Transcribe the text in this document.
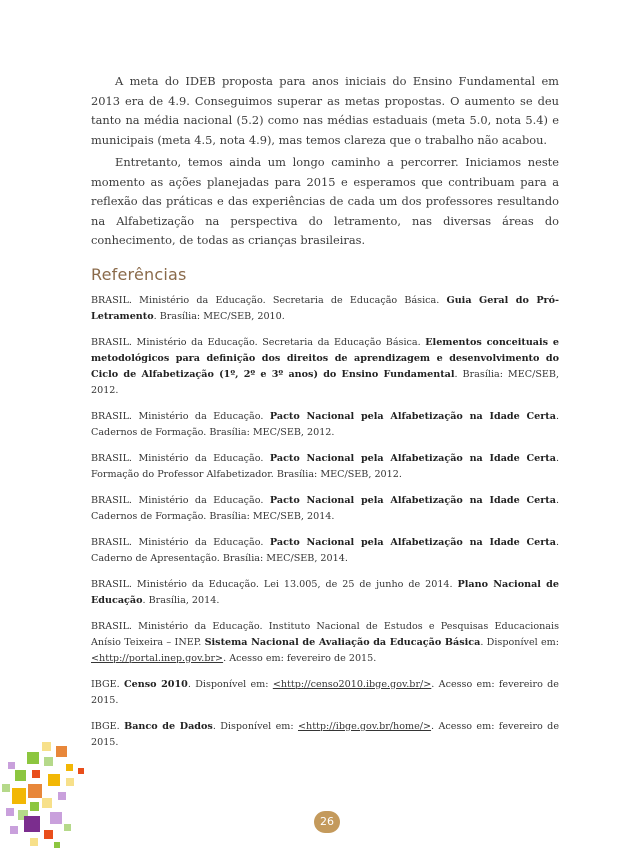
A meta do IDEB proposta para anos iniciais do Ensino Fundamental em 2013 era de 4.9. Conseguimos superar as metas propostas. O aumento se deu tanto na média nacional (5.2) como nas médias estaduais (meta 5.0, nota 5.4) e municipais (meta 4.5, nota 4.9), mas temos clareza que o trabalho não acabou.

Entretanto, temos ainda um longo caminho a percorrer. Iniciamos neste momento as ações planejadas para 2015 e esperamos que contribuam para a reflexão das práticas e das experiências de cada um dos professores resultando na Alfabetização na perspectiva do letramento, nas diversas áreas do conhecimento, de todas as crianças brasileiras.

Referências

BRASIL. Ministério da Educação. Secretaria de Educação Básica. Guia Geral do Pró-Letramento. Brasília: MEC/SEB, 2010.

BRASIL. Ministério da Educação. Secretaria da Educação Básica. Elementos conceituais e metodológicos para definição dos direitos de aprendizagem e desenvolvimento do Ciclo de Alfabetização (1º, 2º e 3º anos) do Ensino Fundamental. Brasília: MEC/SEB, 2012.

BRASIL. Ministério da Educação. Pacto Nacional pela Alfabetização na Idade Certa. Cadernos de Formação. Brasília: MEC/SEB, 2012.

BRASIL. Ministério da Educação. Pacto Nacional pela Alfabetização na Idade Certa. Formação do Professor Alfabetizador. Brasília: MEC/SEB, 2012.

BRASIL. Ministério da Educação. Pacto Nacional pela Alfabetização na Idade Certa. Cadernos de Formação. Brasília: MEC/SEB, 2014.

BRASIL. Ministério da Educação. Pacto Nacional pela Alfabetização na Idade Certa. Caderno de Apresentação. Brasília: MEC/SEB, 2014.

BRASIL. Ministério da Educação. Lei 13.005, de 25 de junho de 2014. Plano Nacional de Educação. Brasília, 2014.

BRASIL. Ministério da Educação. Instituto Nacional de Estudos e Pesquisas Educacionais Anísio Teixeira – INEP. Sistema Nacional de Avaliação da Educação Básica. Disponível em: <http://portal.inep.gov.br>. Acesso em: fevereiro de 2015.

IBGE. Censo 2010. Disponível em: <http://censo2010.ibge.gov.br/>. Acesso em: fevereiro de 2015.

IBGE. Banco de Dados. Disponível em: <http://ibge.gov.br/home/>. Acesso em: fevereiro de 2015.

26
